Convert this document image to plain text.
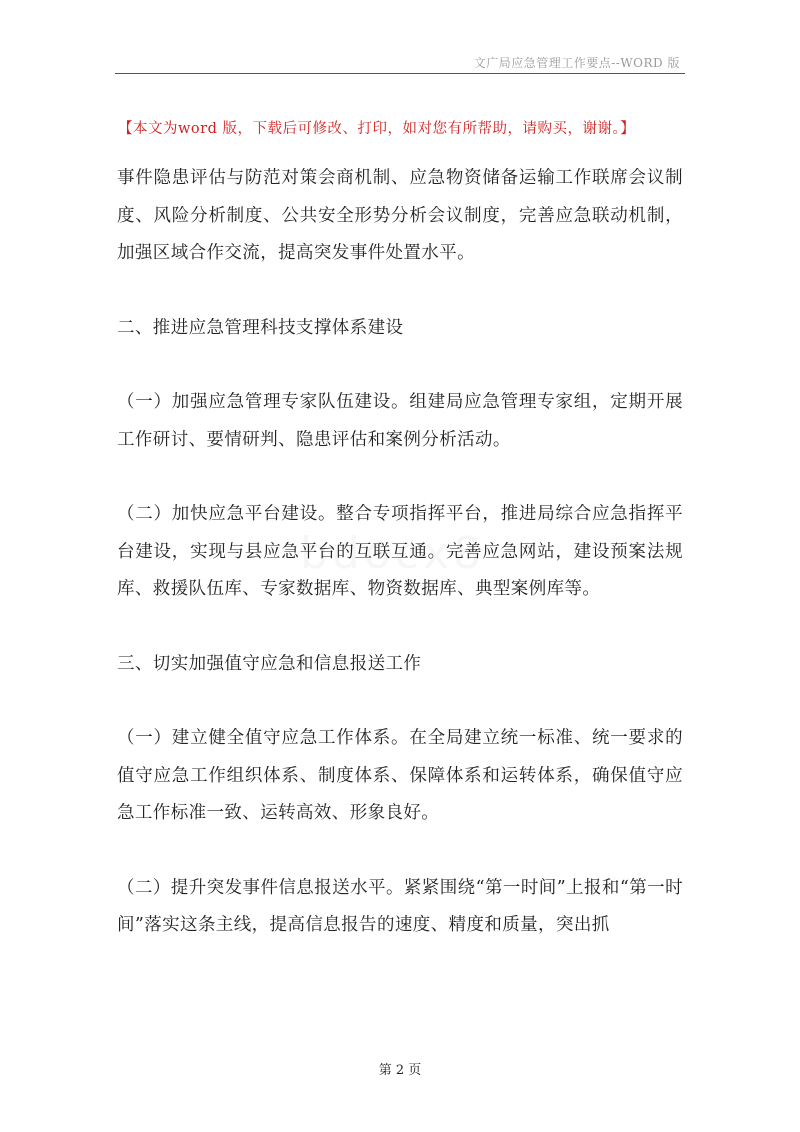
文广局应急管理工作要点--WORD 版
【本文为word 版，下载后可修改、打印，如对您有所帮助，请购买，谢谢。】

事件隐患评估与防范对策会商机制、应急物资储备运输工作联席会议制度、风险分析制度、公共安全形势分析会议制度，完善应急联动机制，加强区域合作交流，提高突发事件处置水平。

二、推进应急管理科技支撑体系建设

（一）加强应急管理专家队伍建设。组建局应急管理专家组，定期开展工作研讨、要情研判、隐患评估和案例分析活动。

（二）加快应急平台建设。整合专项指挥平台，推进局综合应急指挥平台建设，实现与县应急平台的互联互通。完善应急网站，建设预案法规库、救援队伍库、专家数据库、物资数据库、典型案例库等。

三、切实加强值守应急和信息报送工作

（一）建立健全值守应急工作体系。在全局建立统一标准、统一要求的值守应急工作组织体系、制度体系、保障体系和运转体系，确保值守应急工作标准一致、运转高效、形象良好。

（二）提升突发事件信息报送水平。紧紧围绕“第一时间”上报和“第一时间”落实这条主线，提高信息报告的速度、精度和质量，突出抓

第 2 页
